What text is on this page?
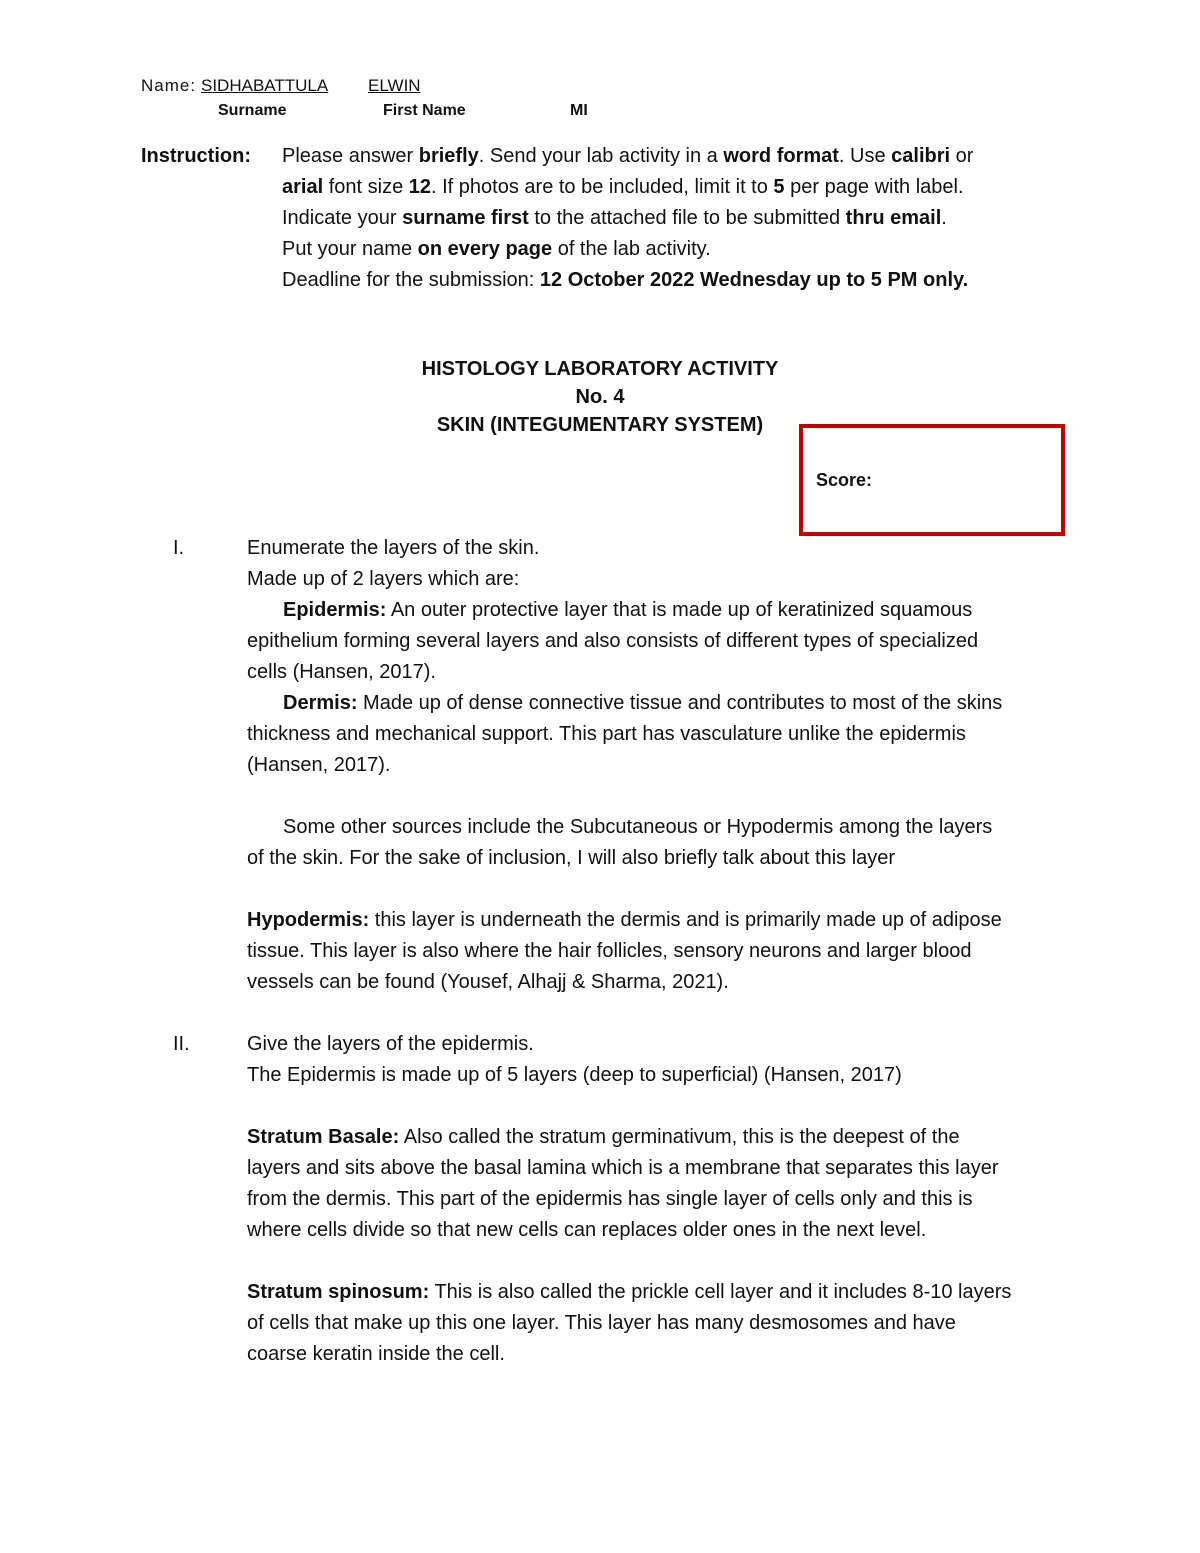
Name: SIDHABATTULA ELWIN
Surname	First Name	MI
Instruction: Please answer briefly. Send your lab activity in a word format. Use calibri or
arial font size 12. If photos are to be included, limit it to 5 per page with label.
Indicate your surname first to the attached file to be submitted thru email.
Put your name on every page of the lab activity.
Deadline for the submission: 12 October 2022 Wednesday up to 5 PM only.
HISTOLOGY LABORATORY ACTIVITY
No. 4
SKIN (INTEGUMENTARY SYSTEM)
Score:
I.	Enumerate the layers of the skin.
Made up of 2 layers which are:
Epidermis: An outer protective layer that is made up of keratinized squamous
epithelium forming several layers and also consists of different types of specialized
cells (Hansen, 2017).
Dermis: Made up of dense connective tissue and contributes to most of the skins
thickness and mechanical support. This part has vasculature unlike the epidermis
(Hansen, 2017).
Some other sources include the Subcutaneous or Hypodermis among the layers
of the skin. For the sake of inclusion, I will also briefly talk about this layer
Hypodermis: this layer is underneath the dermis and is primarily made up of adipose
tissue. This layer is also where the hair follicles, sensory neurons and larger blood
vessels can be found (Yousef, Alhajj & Sharma, 2021).
II.	Give the layers of the epidermis.
The Epidermis is made up of 5 layers (deep to superficial) (Hansen, 2017)
Stratum Basale: Also called the stratum germinativum, this is the deepest of the
layers and sits above the basal lamina which is a membrane that separates this layer
from the dermis. This part of the epidermis has single layer of cells only and this is
where cells divide so that new cells can replaces older ones in the next level.
Stratum spinosum: This is also called the prickle cell layer and it includes 8-10 layers
of cells that make up this one layer. This layer has many desmosomes and have
coarse keratin inside the cell.
